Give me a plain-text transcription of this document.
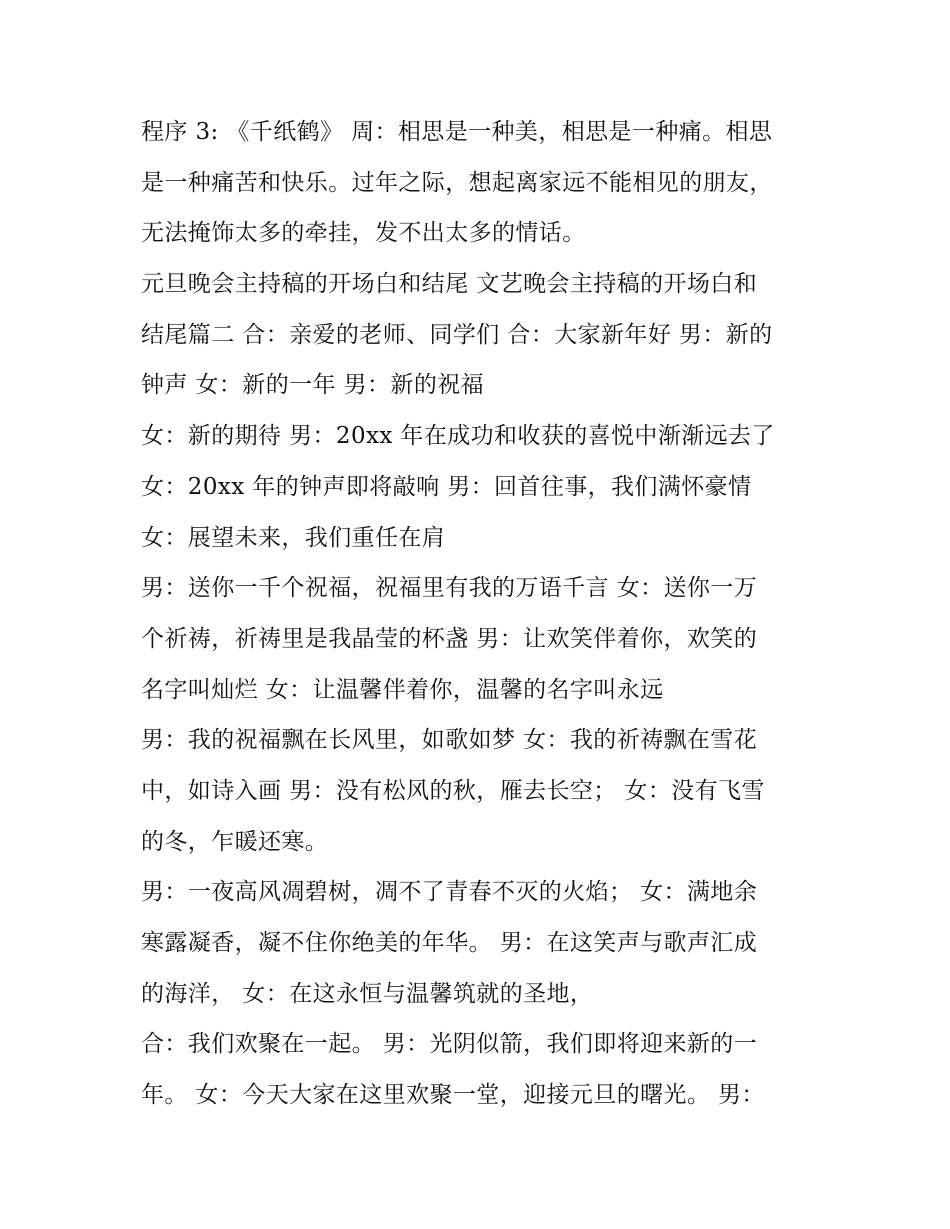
程序 3: 《千纸鹤》 周：相思是一种美，相思是一种痛。相思
是一种痛苦和快乐。过年之际，想起离家远不能相见的朋友，
无法掩饰太多的牵挂，发不出太多的情话。
元旦晚会主持稿的开场白和结尾 文艺晚会主持稿的开场白和
结尾篇二 合：亲爱的老师、同学们 合：大家新年好 男：新的
钟声 女：新的一年 男：新的祝福
女：新的期待 男：20xx 年在成功和收获的喜悦中渐渐远去了
女：20xx 年的钟声即将敲响 男：回首往事，我们满怀豪情
女：展望未来，我们重任在肩
男：送你一千个祝福，祝福里有我的万语千言 女：送你一万
个祈祷，祈祷里是我晶莹的杯盏 男：让欢笑伴着你，欢笑的
名字叫灿烂 女：让温馨伴着你，温馨的名字叫永远
男：我的祝福飘在长风里，如歌如梦 女：我的祈祷飘在雪花
中，如诗入画 男：没有松风的秋，雁去长空； 女：没有飞雪
的冬，乍暖还寒。
男：一夜高风凋碧树，凋不了青春不灭的火焰； 女：满地余
寒露凝香，凝不住你绝美的年华。 男：在这笑声与歌声汇成
的海洋， 女：在这永恒与温馨筑就的圣地，
合：我们欢聚在一起。 男：光阴似箭，我们即将迎来新的一
年。 女：今天大家在这里欢聚一堂，迎接元旦的曙光。 男：
